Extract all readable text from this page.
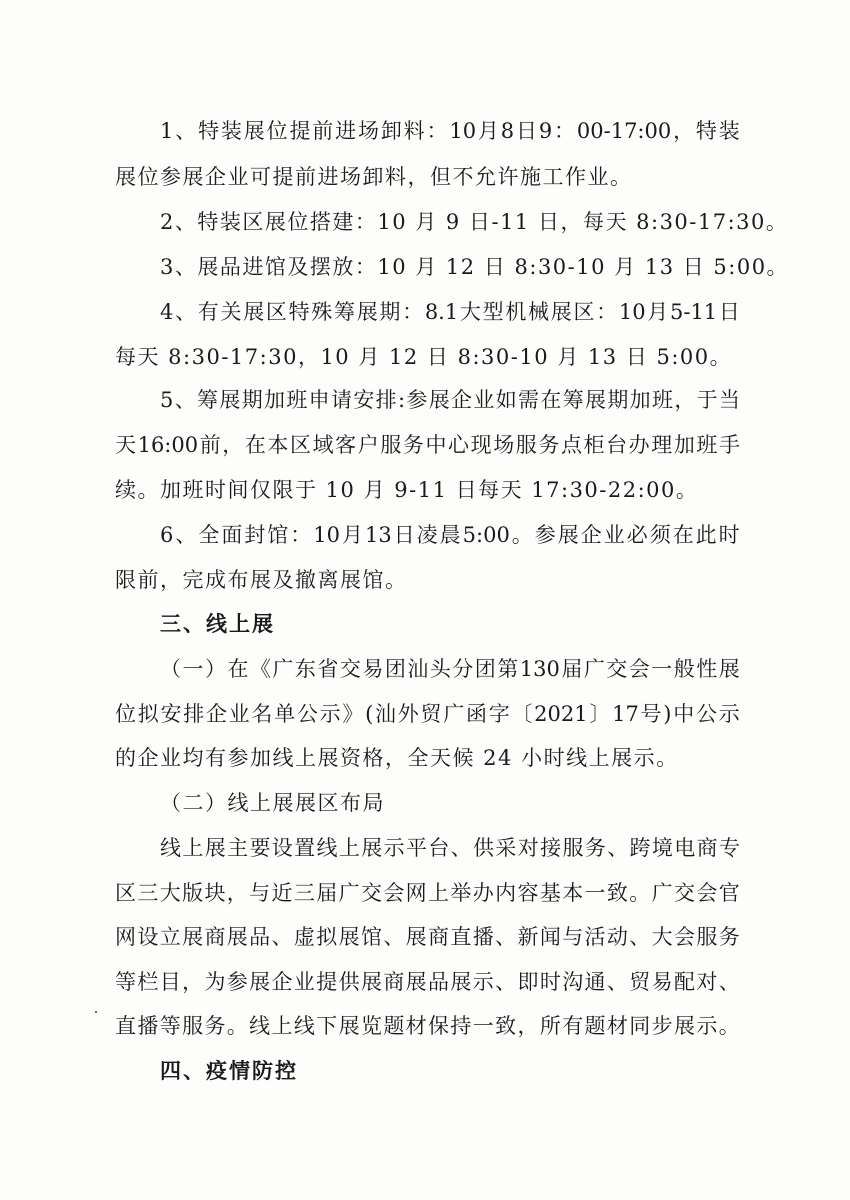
1 、 特 装 展 位 提 前 进 场 卸 料 ： 10 月 8 日 9 ： 00-17:00 ， 特 装
展位参展企业可提前进场卸料，但不允许施工作业。
2、特装区展位搭建：10 月 9 日-11 日，每天 8:30-17:30。
3、展品进馆及摆放：10 月 12 日 8:30-10 月 13 日 5:00。
4 、 有 关 展 区 特 殊 筹 展 期 ： 8.1 大 型 机 械 展 区 ： 10 月 5-11 日
每天 8:30-17:30，10 月 12 日 8:30-10 月 13 日 5:00。
5 、 筹 展 期 加 班 申 请 安 排 : 参 展 企 业 如 需 在 筹 展 期 加 班 ， 于 当
天 16:00 前 ， 在 本 区 域 客 户 服 务 中 心 现 场 服 务 点 柜 台 办 理 加 班 手
续。加班时间仅限于 10 月 9-11 日每天 17:30-22:00。
6 、 全 面 封 馆 ： 10 月 13 日 凌 晨 5:00 。 参 展 企 业 必 须 在 此 时
限前，完成布展及撤离展馆。
三、线上展
（ 一 ） 在 《 广 东 省 交 易 团 汕 头 分 团 第 130 届 广 交 会 一 般 性 展
位 拟 安 排 企 业 名 单 公 示 》 ( 汕 外 贸 广 函 字 〔 2021 〕 17 号 ) 中 公 示
的企业均有参加线上展资格，全天候 24 小时线上展示。
（二）线上展展区布局
线 上 展 主 要 设 置 线 上 展 示 平 台 、 供 采 对 接 服 务 、 跨 境 电 商 专
区 三 大 版 块 ， 与 近 三 届 广 交 会 网 上 举 办 内 容 基 本 一 致 。 广 交 会 官
网 设 立 展 商 展 品 、 虚 拟 展 馆 、 展 商 直 播 、 新 闻 与 活 动 、 大 会 服 务
等 栏 目 ， 为 参 展 企 业 提 供 展 商 展 品 展 示 、 即 时 沟 通 、 贸 易 配 对 、
直 播 等 服 务 。 线 上 线 下 展 览 题 材 保 持 一 致 ， 所 有 题 材 同 步 展 示 。
四、疫情防控
